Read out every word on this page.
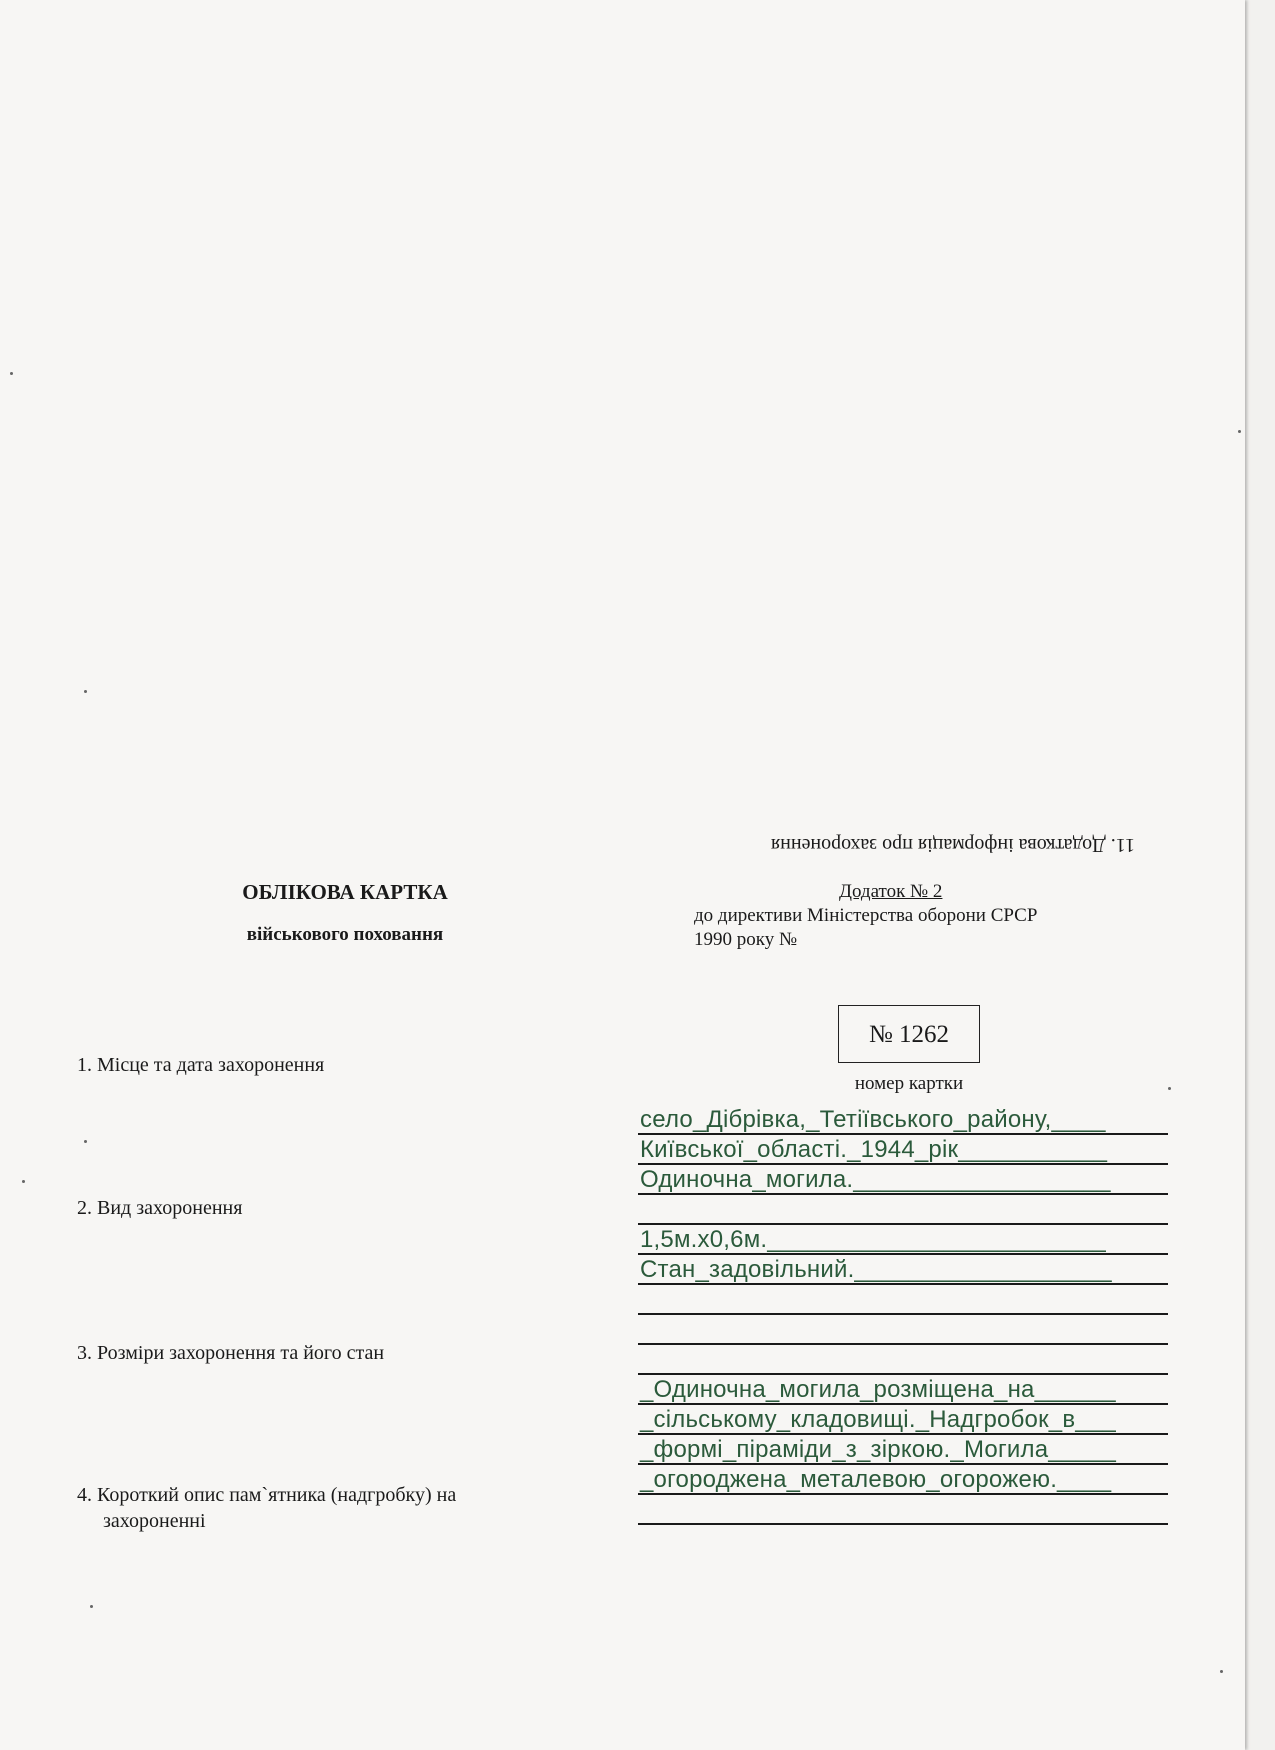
11. Додаткова інформація про захоронення
ОБЛІКОВА КАРТКА
військового поховання
Додаток № 2
до директиви Міністерства оборони СРСР
1990 року №
№ 1262
номер картки
1. Місце та дата захоронення
2. Вид захоронення
3. Розміри захоронення та його стан
4. Короткий опис пам`ятника (надгробку) на
захороненні
село_Дібрівка,_Тетіївського_району,____
Київської_області._1944_рік___________
Одиночна_могила.___________________
1,5м.х0,6м._________________________
Стан_задовільний.___________________
_Одиночна_могила_розміщена_на______
_сільському_кладовищі._Надгробок_в___
_формі_піраміди_з_зіркою._Могила_____
_огороджена_металевою_огорожею.____
